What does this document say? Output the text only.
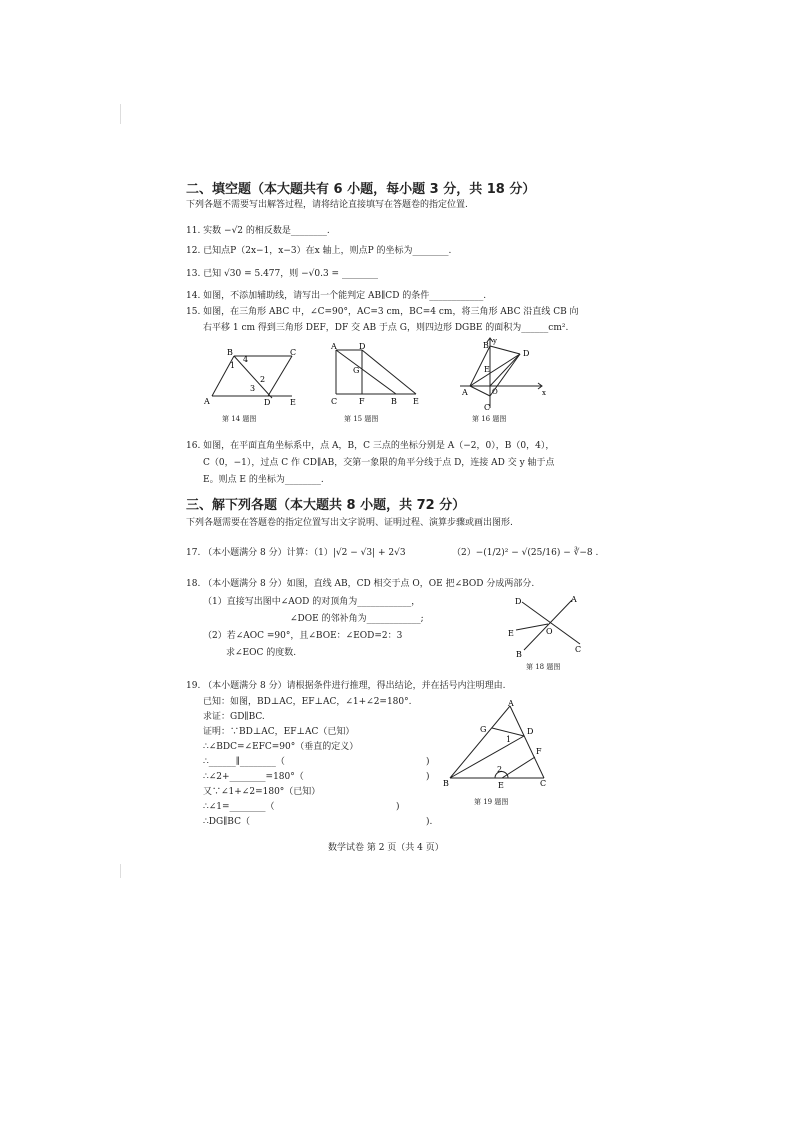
二、填空题（本大题共有 6 小题，每小题 3 分，共 18 分）
下列各题不需要写出解答过程，请将结论直接填写在答题卷的指定位置.
11. 实数 −√2 的相反数是________.
12. 已知点P（2x−1，x−3）在x 轴上，则点P 的坐标为________.
13. 已知 √30 = 5.477，则 −√0.3 = ________
14. 如图，不添加辅助线，请写出一个能判定 AB∥CD 的条件____________.
15. 如图，在三角形 ABC 中，∠C=90°，AC=3 cm，BC=4 cm，将三角形 ABC 沿直线 CB 向
右平移 1 cm 得到三角形 DEF，DF 交 AB 于点 G，则四边形 DGBE 的面积为______cm².
B	C
A	D E
1
4
2
3
第 14 题图
A	D
G
C	F	B E
第 15 题图
B y
D
E
O
A	x
C
第 16 题图
16. 如图，在平面直角坐标系中，点 A，B，C 三点的坐标分别是 A（−2，0），B（0，4），
C（0，−1），过点 C 作 CD∥AB，交第一象限的角平分线于点 D，连接 AD 交 y 轴于点
E。则点 E 的坐标为________.
三、解下列各题（本大题共 8 小题，共 72 分）
下列各题需要在答题卷的指定位置写出文字说明、证明过程、演算步骤或画出图形.
17. （本小题满分 8 分）计算：（1）|√2 − √3| + 2√3	（2）−(1/2)² − √(25/16) − ∛−8 .
18. （本小题满分 8 分）如图，直线 AB，CD 相交于点 O，OE 把∠BOD 分成两部分.
（1）直接写出图中∠AOD 的对顶角为____________，
∠DOE 的邻补角为____________;
（2）若∠AOC =90°，且∠BOE：∠EOD=2：3
求∠EOC 的度数.
D	A
E	O
B
C
第 18 题图
19. （本小题满分 8 分）请根据条件进行推理，得出结论，并在括号内注明理由.
已知：如图，BD⊥AC，EF⊥AC，∠1+∠2=180°.
求证：GD∥BC.
证明：∵BD⊥AC，EF⊥AC（已知）
∴∠BDC=∠EFC=90°（垂直的定义）
∴______∥________（	)
∴∠2+________=180°（	)
又∵∠1+∠2=180°（已知）
∴∠1=________（	)
∴DG∥BC（	).
A
G	D
1
F
2
B	E	C
第 19 题图
数学试卷 第 2 页（共 4 页）
